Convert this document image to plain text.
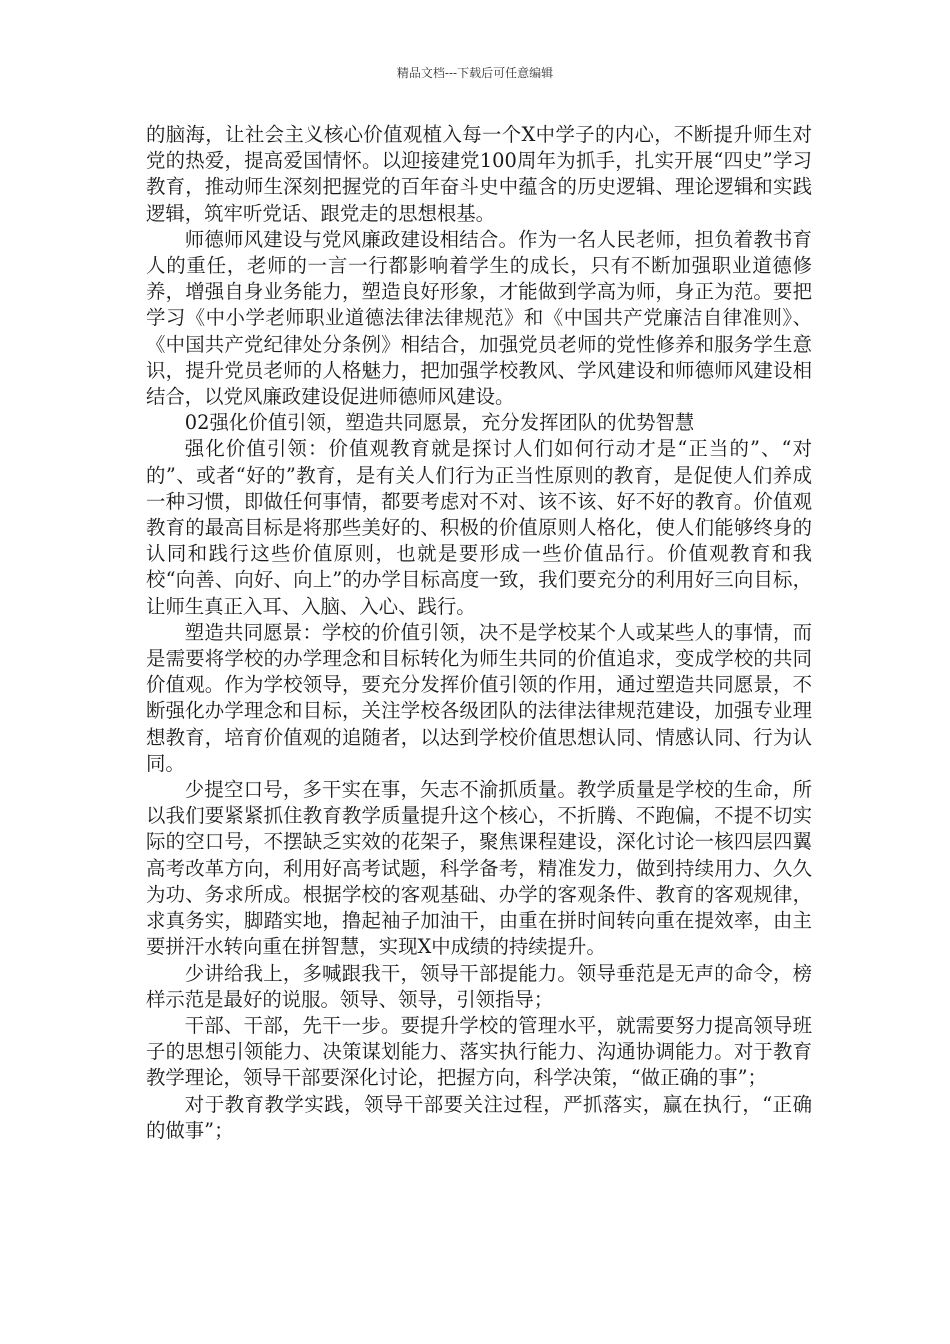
精品文档---下载后可任意编辑

的脑海，让社会主义核心价值观植入每一个X中学子的内心，不断提升师生对党的热爱，提高爱国情怀。以迎接建党100周年为抓手，扎实开展“四史”学习教育，推动师生深刻把握党的百年奋斗史中蕴含的历史逻辑、理论逻辑和实践逻辑，筑牢听党话、跟党走的思想根基。

师德师风建设与党风廉政建设相结合。作为一名人民老师，担负着教书育人的重任，老师的一言一行都影响着学生的成长，只有不断加强职业道德修养，增强自身业务能力，塑造良好形象，才能做到学高为师，身正为范。要把学习《中小学老师职业道德法律法律规范》和《中国共产党廉洁自律准则》、《中国共产党纪律处分条例》相结合，加强党员老师的党性修养和服务学生意识，提升党员老师的人格魅力，把加强学校教风、学风建设和师德师风建设相结合，以党风廉政建设促进师德师风建设。

02强化价值引领，塑造共同愿景，充分发挥团队的优势智慧

强化价值引领：价值观教育就是探讨人们如何行动才是“正当的”、“对的”、或者“好的”教育，是有关人们行为正当性原则的教育，是促使人们养成一种习惯，即做任何事情，都要考虑对不对、该不该、好不好的教育。价值观教育的最高目标是将那些美好的、积极的价值原则人格化，使人们能够终身的认同和践行这些价值原则，也就是要形成一些价值品行。价值观教育和我校“向善、向好、向上”的办学目标高度一致，我们要充分的利用好三向目标，让师生真正入耳、入脑、入心、践行。

塑造共同愿景：学校的价值引领，决不是学校某个人或某些人的事情，而是需要将学校的办学理念和目标转化为师生共同的价值追求，变成学校的共同价值观。作为学校领导，要充分发挥价值引领的作用，通过塑造共同愿景，不断强化办学理念和目标，关注学校各级团队的法律法律规范建设，加强专业理想教育，培育价值观的追随者，以达到学校价值思想认同、情感认同、行为认同。

少提空口号，多干实在事，矢志不渝抓质量。教学质量是学校的生命，所以我们要紧紧抓住教育教学质量提升这个核心，不折腾、不跑偏，不提不切实际的空口号，不摆缺乏实效的花架子，聚焦课程建设，深化讨论一核四层四翼高考改革方向，利用好高考试题，科学备考，精准发力，做到持续用力、久久为功、务求所成。根据学校的客观基础、办学的客观条件、教育的客观规律，求真务实，脚踏实地，撸起袖子加油干，由重在拼时间转向重在提效率，由主要拼汗水转向重在拼智慧，实现X中成绩的持续提升。

少讲给我上，多喊跟我干，领导干部提能力。领导垂范是无声的命令，榜样示范是最好的说服。领导、领导，引领指导；

干部、干部，先干一步。要提升学校的管理水平，就需要努力提高领导班子的思想引领能力、决策谋划能力、落实执行能力、沟通协调能力。对于教育教学理论，领导干部要深化讨论，把握方向，科学决策，“做正确的事”；

对于教育教学实践，领导干部要关注过程，严抓落实，赢在执行，“正确的做事”；
